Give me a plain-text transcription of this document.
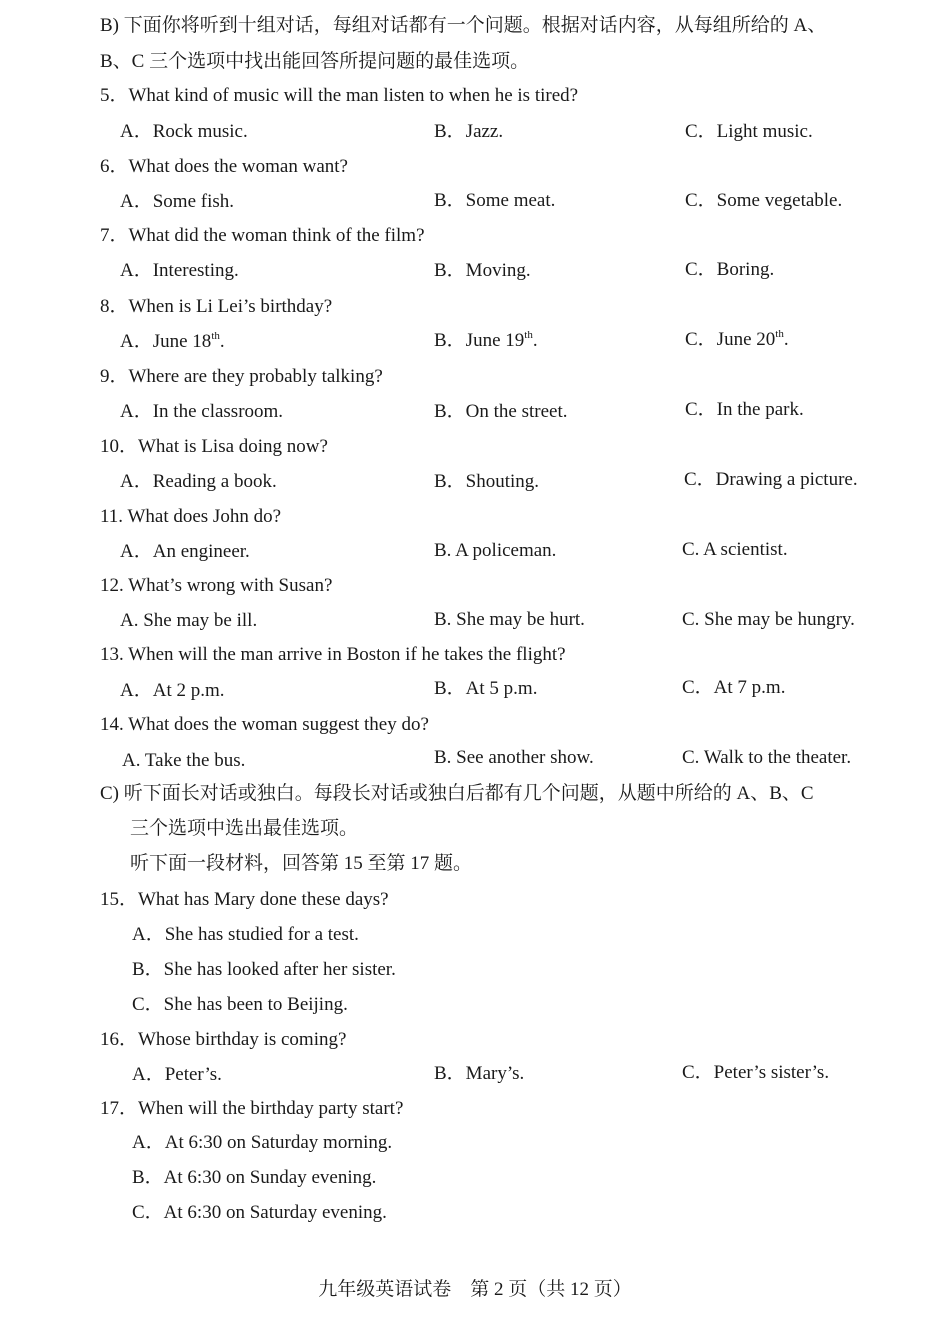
B) 下面你将听到十组对话，每组对话都有一个问题。根据对话内容，从每组所给的 A、
B、C 三个选项中找出能回答所提问题的最佳选项。
5．What kind of music will the man listen to when he is tired?
A．Rock music.	B．Jazz.	C．Light music.
6．What does the woman want?
A．Some fish.	B．Some meat.	C．Some vegetable.
7．What did the woman think of the film?
A．Interesting.	B．Moving.	C．Boring.
8．When is Li Lei’s birthday?
A．June 18th.	B．June 19th.	C．June 20th.
9．Where are they probably talking?
A．In the classroom.	B．On the street.	C．In the park.
10．What is Lisa doing now?
A．Reading a book.	B．Shouting.	C．Drawing a picture.
11. What does John do?
A．An engineer.	B. A policeman.	C. A scientist.
12. What’s wrong with Susan?
A. She may be ill.	B. She may be hurt.	C. She may be hungry.
13. When will the man arrive in Boston if he takes the flight?
A．At 2 p.m.	B．At 5 p.m.	C．At 7 p.m.
14. What does the woman suggest they do?
A. Take the bus.	B. See another show.	C. Walk to the theater.
C) 听下面长对话或独白。每段长对话或独白后都有几个问题，从题中所给的 A、B、C
三个选项中选出最佳选项。
听下面一段材料，回答第 15 至第 17 题。
15．What has Mary done these days?
A．She has studied for a test.
B．She has looked after her sister.
C．She has been to Beijing.
16．Whose birthday is coming?
A．Peter’s.	B．Mary’s.	C．Peter’s sister’s.
17．When will the birthday party start?
A．At 6:30 on Saturday morning.
B．At 6:30 on Sunday evening.
C．At 6:30 on Saturday evening.
九年级英语试卷　第 2 页（共 12 页）
